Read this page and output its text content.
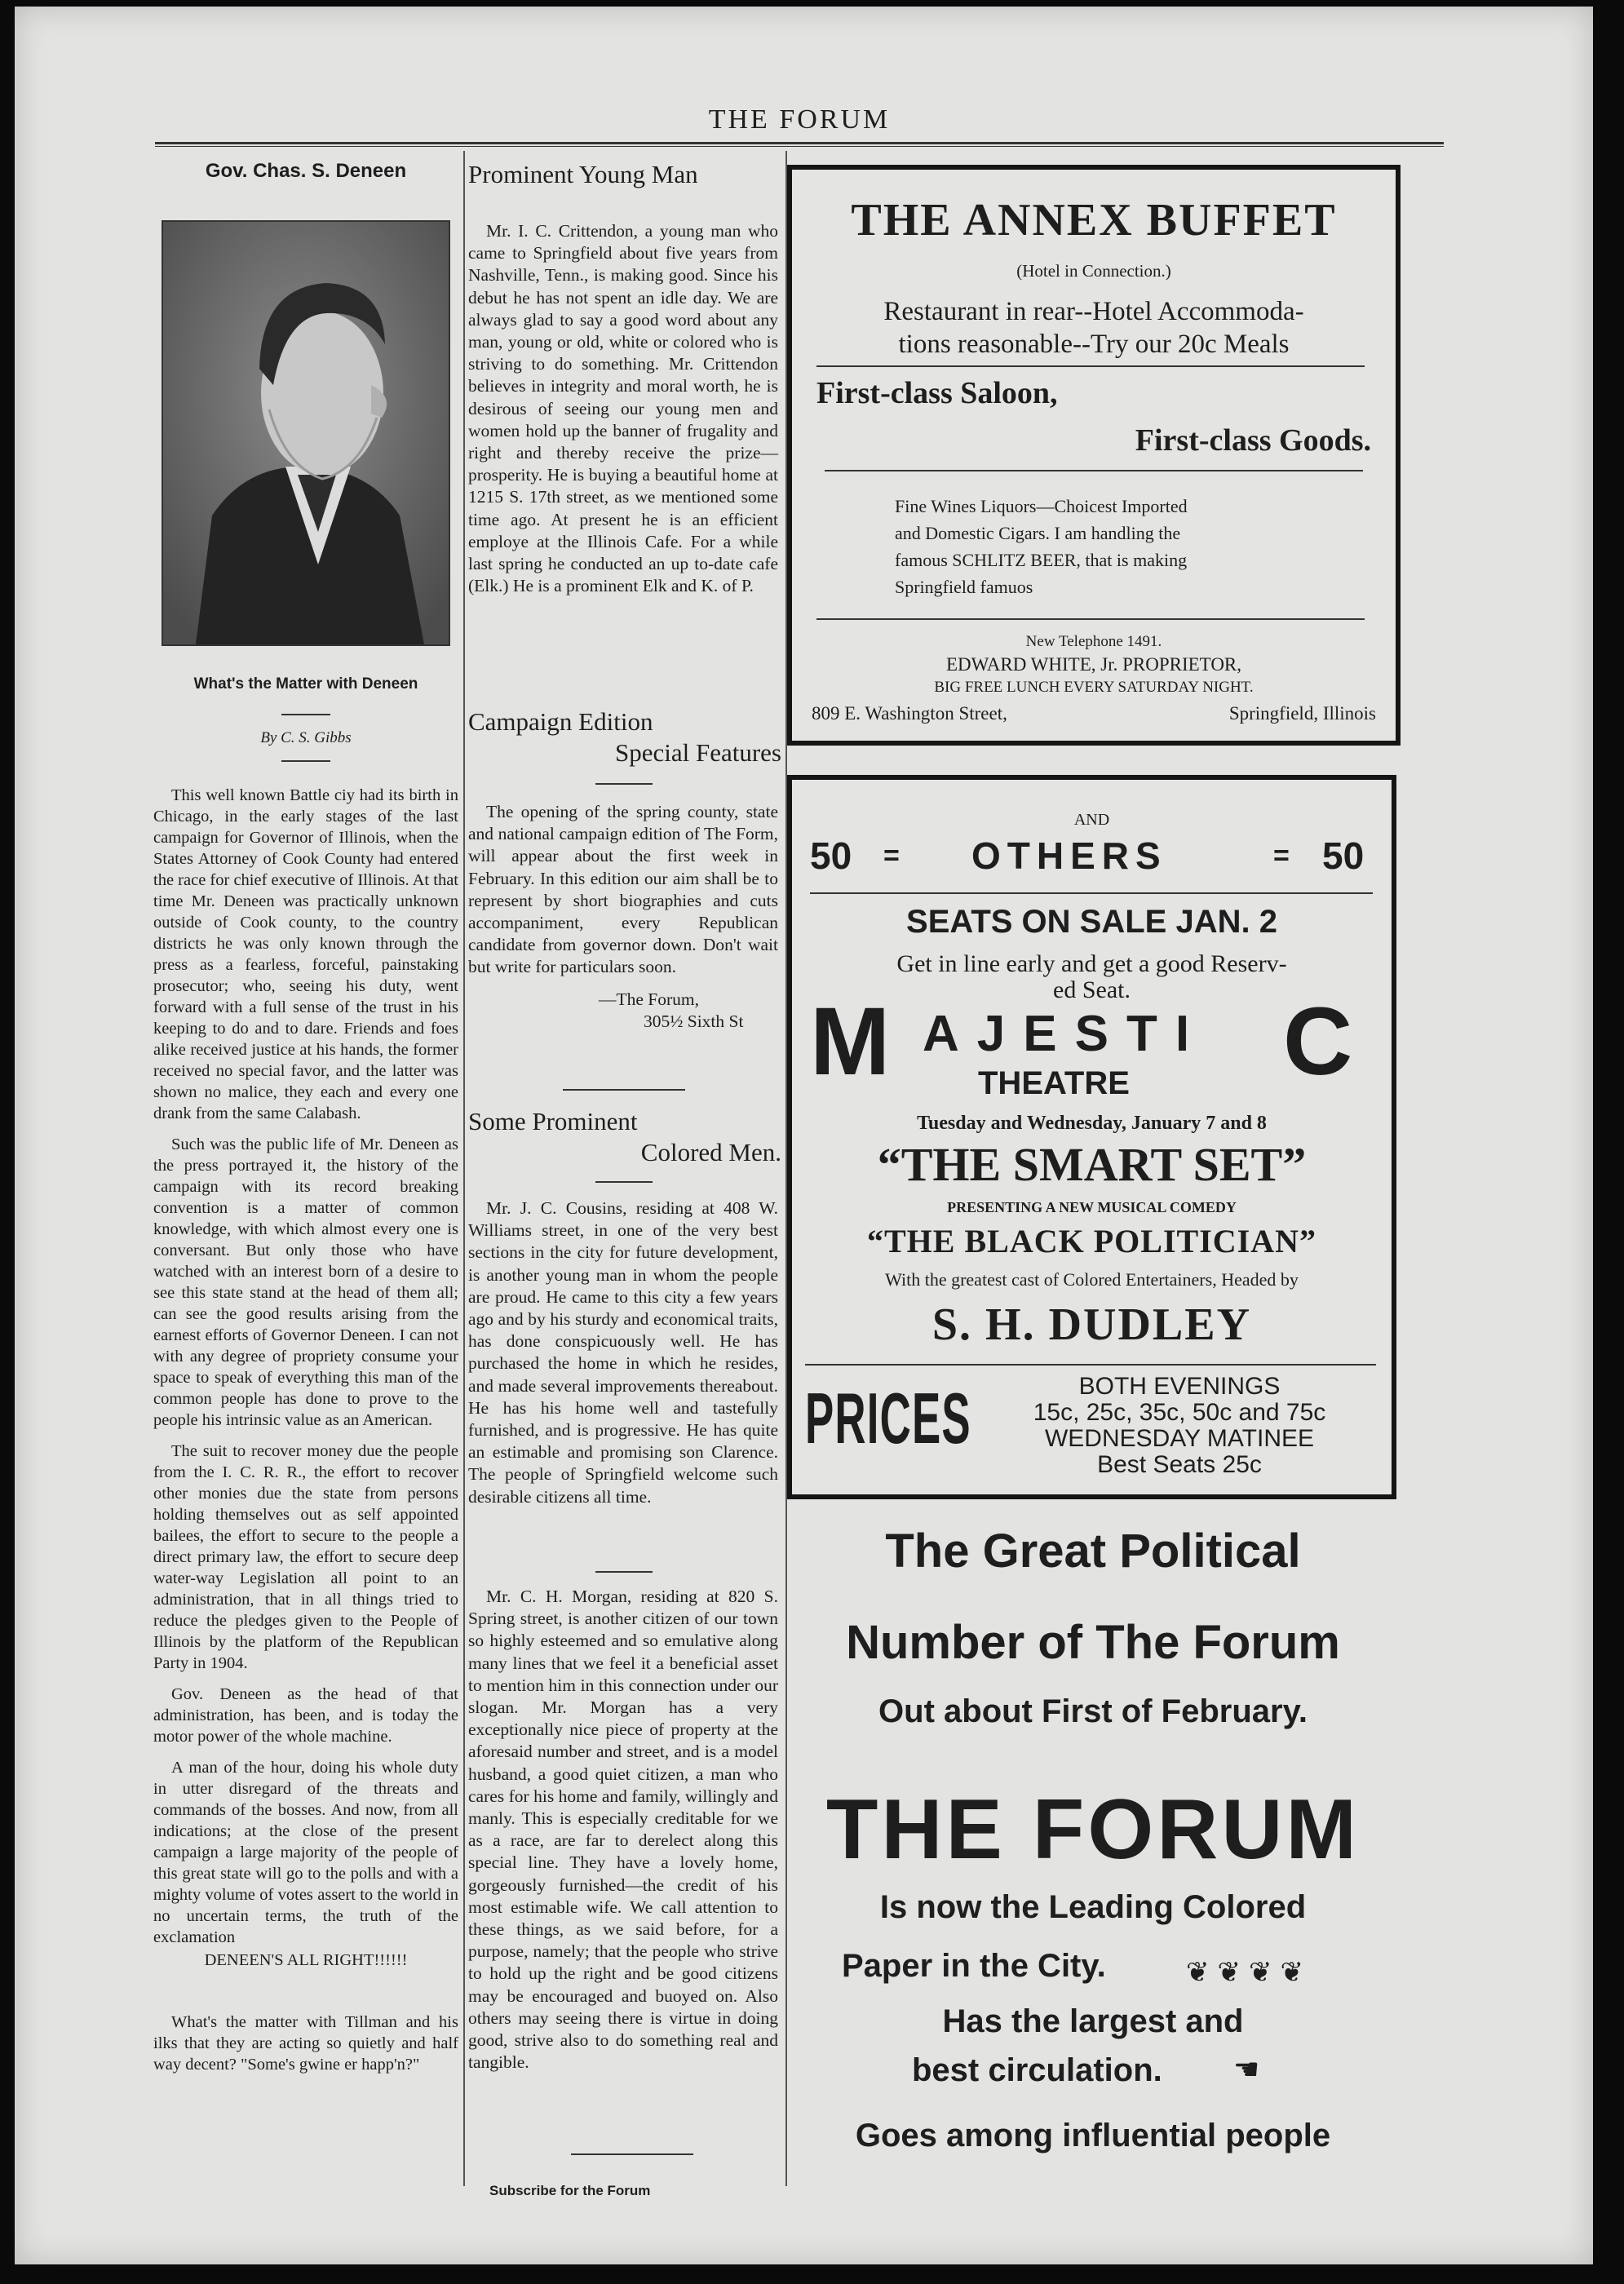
THE FORUM
Gov. Chas. S. Deneen
What's the Matter with Deneen
By C. S. Gibbs

This well known Battle ciy had its birth in Chicago, in the early stages of the last campaign for Governor of Illinois, when the States Attorney of Cook County had entered the race for chief executive of Illinois. At that time Mr. Deneen was practically unknown outside of Cook county, to the country districts he was only known through the press as a fearless, forceful, painstaking prosecutor; who, seeing his duty, went forward with a full sense of the trust in his keeping to do and to dare. Friends and foes alike received justice at his hands, the former received no special favor, and the latter was shown no malice, they each and every one drank from the same Calabash.

Such was the public life of Mr. Deneen as the press portrayed it, the history of the campaign with its record breaking convention is a matter of common knowledge, with which almost every one is conversant. But only those who have watched with an interest born of a desire to see this state stand at the head of them all; can see the good results arising from the earnest efforts of Governor Deneen. I can not with any degree of propriety consume your space to speak of everything this man of the common people has done to prove to the people his intrinsic value as an American.

The suit to recover money due the people from the I. C. R. R., the effort to recover other monies due the state from persons holding themselves out as self appointed bailees, the effort to secure to the people a direct primary law, the effort to secure deep water-way Legislation all point to an administration, that in all things tried to reduce the pledges given to the People of Illinois by the platform of the Republican Party in 1904.

Gov. Deneen as the head of that administration, has been, and is today the motor power of the whole machine.

A man of the hour, doing his whole duty in utter disregard of the threats and commands of the bosses. And now, from all indications; at the close of the present campaign a large majority of the people of this great state will go to the polls and with a mighty volume of votes assert to the world in no uncertain terms, the truth of the exclamation

DENEEN'S ALL RIGHT!!!!!!

What's the matter with Tillman and his ilks that they are acting so quietly and half way decent? "Some's gwine er happ'n?"

Prominent Young Man

Mr. I. C. Crittendon, a young man who came to Springfield about five years from Nashville, Tenn., is making good. Since his debut he has not spent an idle day. We are always glad to say a good word about any man, young or old, white or colored who is striving to do something. Mr. Crittendon believes in integrity and moral worth, he is desirous of seeing our young men and women hold up the banner of frugality and right and thereby receive the prize—prosperity. He is buying a beautiful home at 1215 S. 17th street, as we mentioned some time ago. At present he is an efficient employe at the Illinois Cafe. For a while last spring he conducted an up to-date cafe (Elk.) He is a prominent Elk and K. of P.

Campaign Edition
Special Features

The opening of the spring county, state and national campaign edition of The Form, will appear about the first week in February. In this edition our aim shall be to represent by short biographies and cuts accompaniment, every Republican candidate from governor down. Don't wait but write for particulars soon.

—The Forum,
305½ Sixth St
Some Prominent
Colored Men.

Mr. J. C. Cousins, residing at 408 W. Williams street, in one of the very best sections in the city for future development, is another young man in whom the people are proud. He came to this city a few years ago and by his sturdy and economical traits, has done conspicuously well. He has purchased the home in which he resides, and made several improvements thereabout. He has his home well and tastefully furnished, and is progressive. He has quite an estimable and promising son Clarence. The people of Springfield welcome such desirable citizens all time.

Mr. C. H. Morgan, residing at 820 S. Spring street, is another citizen of our town so highly esteemed and so emulative along many lines that we feel it a beneficial asset to mention him in this connection under our slogan. Mr. Morgan has a very exceptionally nice piece of property at the aforesaid number and street, and is a model husband, a good quiet citizen, a man who cares for his home and family, willingly and manly. This is especially creditable for we as a race, are far to derelect along this special line. They have a lovely home, gorgeously furnished—the credit of his most estimable wife. We call attention to these things, as we said before, for a purpose, namely; that the people who strive to hold up the right and be good citizens may be encouraged and buoyed on. Also others may seeing there is virtue in doing good, strive also to do something real and tangible.

Subscribe for the Forum
THE ANNEX BUFFET
(Hotel in Connection.)
Restaurant in rear--Hotel Accommoda-
tions reasonable--Try our 20c Meals
First-class Saloon,
First-class Goods.
Fine Wines Liquors—Choicest Imported
and Domestic Cigars. I am handling the
famous SCHLITZ BEER, that is making
Springfield famuos
New Telephone 1491.
EDWARD WHITE, Jr. PROPRIETOR,
BIG FREE LUNCH EVERY SATURDAY NIGHT.
809 E. Washington Street,	Springfield, Illinois
AND
50 = OTHERS	= 50
SEATS ON SALE JAN. 2
Get in line early and get a good Reserv-
ed Seat.
M AJESTI C
THEATRE
Tuesday and Wednesday, January 7 and 8
“THE SMART SET”
PRESENTING A NEW MUSICAL COMEDY
“THE BLACK POLITICIAN”
With the greatest cast of Colored Entertainers, Headed by
S. H. DUDLEY
PRICES	BOTH EVENINGS
15c, 25c, 35c, 50c and 75c
WEDNESDAY MATINEE
Best Seats 25c
The Great Political
Number of The Forum
Out about First of February.
THE FORUM
Is now the Leading Colored
Paper in the City.	❦❦❦❦
Has the largest and
best circulation. ☚
Goes among influential people
